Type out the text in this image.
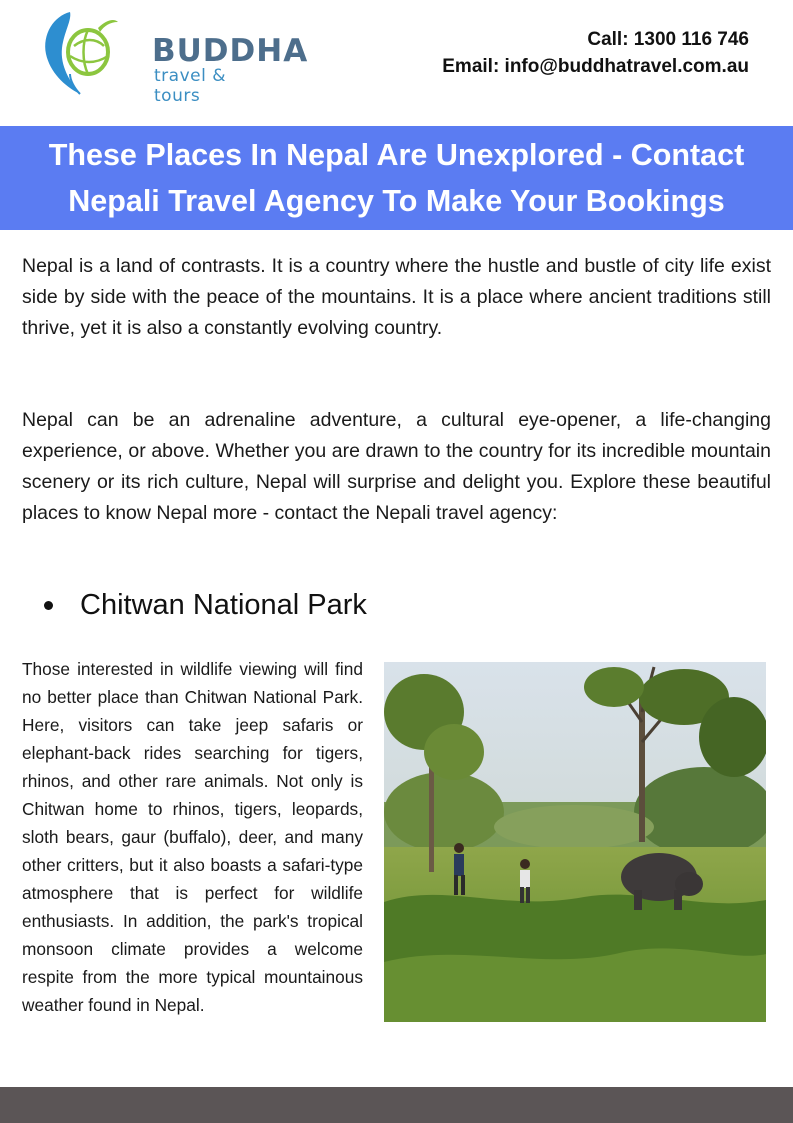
BUDDHA
travel & tours
Call: 1300 116 746
Email: info@buddhatravel.com.au
These Places In Nepal Are Unexplored - Contact Nepali Travel Agency To Make Your Bookings

Nepal is a land of contrasts. It is a country where the hustle and bustle of city life exist side by side with the peace of the mountains. It is a place where ancient traditions still thrive, yet it is also a constantly evolving country.

Nepal can be an adrenaline adventure, a cultural eye-opener, a life-changing experience, or above. Whether you are drawn to the country for its incredible mountain scenery or its rich culture, Nepal will surprise and delight you. Explore these beautiful places to know Nepal more - contact the Nepali travel agency:

Chitwan National Park

Those interested in wildlife viewing will find no better place than Chitwan National Park. Here, visitors can take jeep safaris or elephant-back rides searching for tigers, rhinos, and other rare animals. Not only is Chitwan home to rhinos, tigers, leopards, sloth bears, gaur (buffalo), deer, and many other critters, but it also boasts a safari-type atmosphere that is perfect for wildlife enthusiasts. In addition, the park's tropical monsoon climate provides a welcome respite from the more typical mountainous weather found in Nepal.
